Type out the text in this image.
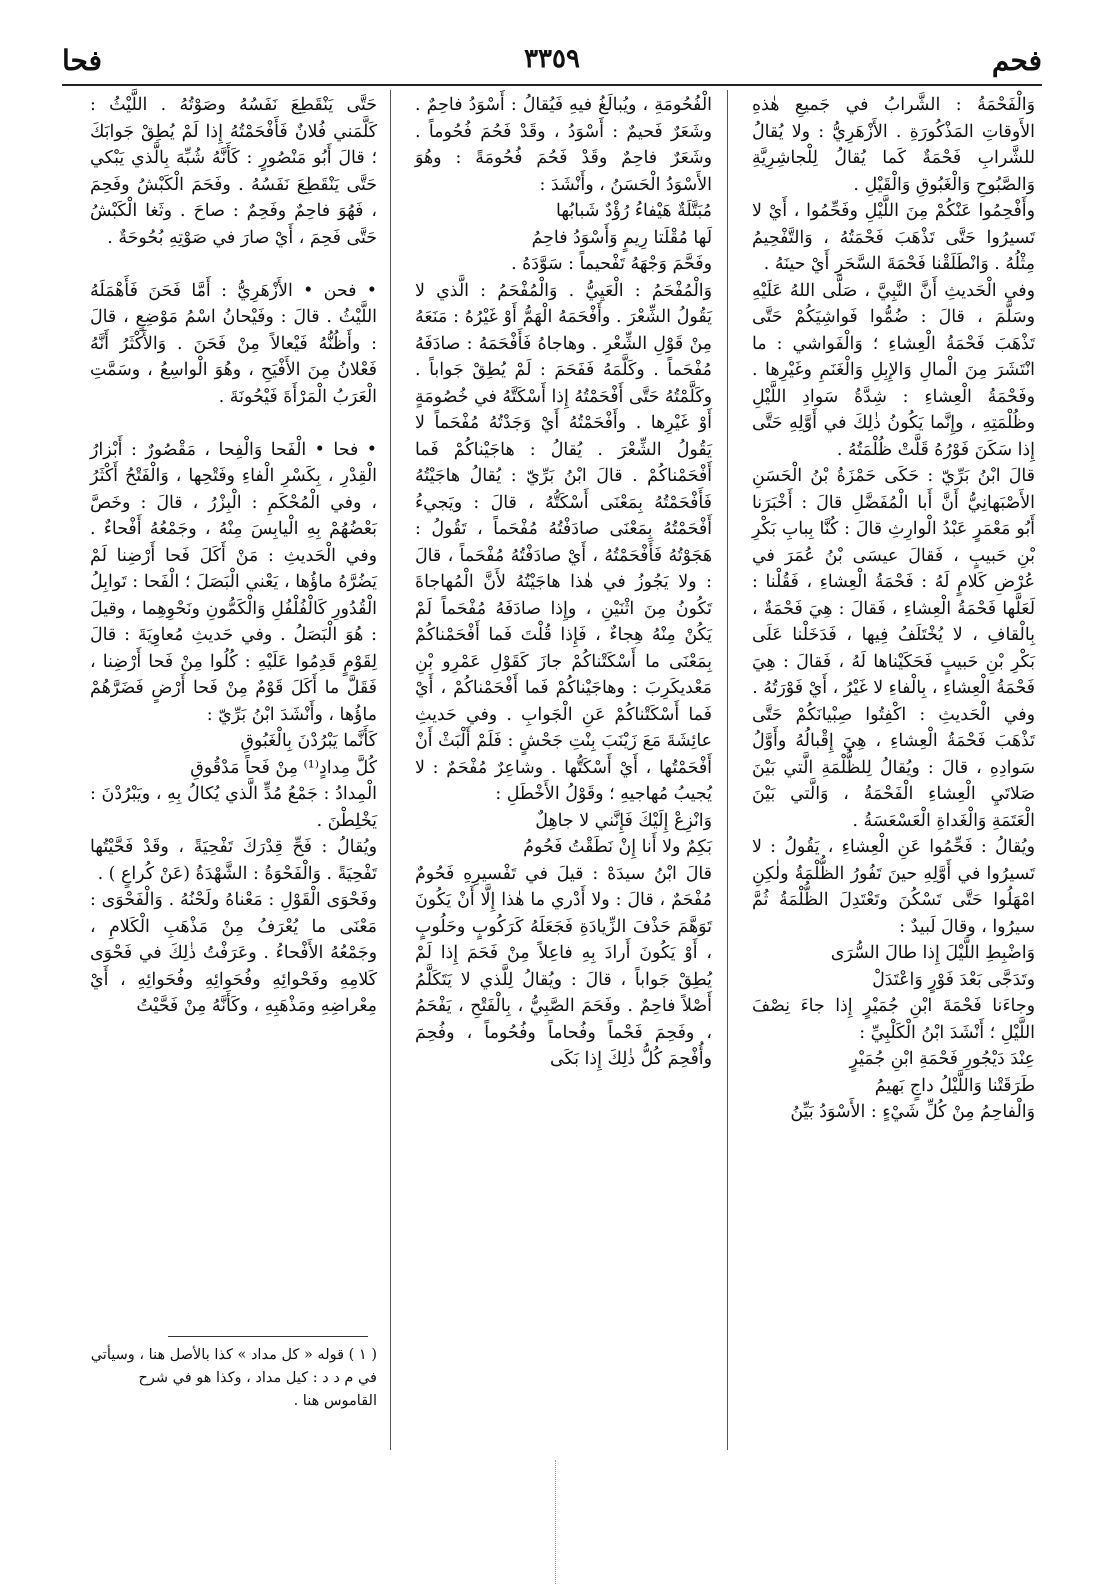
فحم
٣٣٥٩
فحا
وَالْفَحْمَةُ : الشَّرابُ في جَميعِ هٰذهِ الأَوقاتِ المَذْكُورَةِ . الأَزْهَرِيُّ : ولا يُقالُ للشَّرابِ فَحْمَةٌ كَما يُقالُ لِلْجاشِرِيَّةِ وَالصَّبُوحِ وَالْغَبُوقِ وَالْقَيْلِ .
وأَفْحِمُوا عَنْكُمْ مِنَ اللَّيْلِ وفَحِّمُوا ، أَيْ لا تَسيرُوا حَتَّى تَذْهَبَ فَحْمَتُهُ ، وَالتَّفْحِيمُ مِثْلُهُ . وَانْطَلَقْنا فَحْمَةَ السَّحَرِ أَيْ حينَهُ .
وفي الْحَديثِ أَنَّ النَّبِيَّ ، صَلَّى اللهُ عَلَيْهِ وسَلَّمَ ، قالَ : ضُمُّوا فَواشِيَكُمْ حَتَّى تَذْهَبَ فَحْمَةُ الْعِشاءِ ؛ وَالْفَواشي : ما انْتَشَرَ مِنَ الْمالِ وَالإِبِلِ وَالْغَنَمِ وغَيْرِها . وفَحْمَةُ الْعِشاءِ : شِدَّةُ سَوادِ اللَّيْلِ وظُلْمَتِهِ ، وإِنَّما يَكُونُ ذٰلِكَ في أَوَّلِهِ حَتَّى إِذا سَكَنَ فَوْرُهُ قَلَّتْ ظُلْمَتُهُ .
قالَ ابْنُ بَرِّيّ : حَكَى حَمْزَةُ بْنُ الْحَسَنِ الأَصْبَهانِيُّ أَنَّ أَبا الْمُفَضَّلِ قالَ : أَخْبَرَنا أَبُو مَعْمَرٍ عَبْدُ الْوارِثِ قالَ : كُنَّا بِبابِ بَكْرِ بْنِ حَبيبٍ ، فَقالَ عيسَى بْنُ عُمَرَ في عُرْضِ كَلامٍ لَهُ : فَحْمَةُ الْعِشاءِ ، فَقُلْنا : لَعَلَّها فَحْمَةُ الْعِشاءِ ، فَقالَ : هِيَ فَحْمَةٌ ، بِالْقافِ ، لا يُخْتَلَفُ فِيها ، فَدَخَلْنا عَلَى بَكْرِ بْنِ حَبيبٍ فَحَكَيْناها لَهُ ، فَقالَ : هِيَ فَحْمَةُ الْعِشاءِ ، بِالْفاءِ لا غَيْرُ ، أَيْ فَوْرَتُهُ .
وفي الْحَديثِ : اكْفِتُوا صِبْيانَكُمْ حَتَّى تَذْهَبَ فَحْمَةُ الْعِشاءِ ، هِيَ إِقْبالُهُ وأَوَّلُ سَوادِهِ ، قالَ : ويُقالُ لِلظُّلْمَةِ الَّتي بَيْنَ صَلاتَيِ الْعِشاءِ الْفَحْمَةُ ، وَالَّتي بَيْنَ الْعَتَمَةِ وَالْغَداةِ الْعَسْعَسَةُ .
ويُقالُ : فَحِّمُوا عَنِ الْعِشاءِ ، يَقُولُ : لا تَسيرُوا في أَوَّلِهِ حينَ تَفُورُ الظُّلْمَةُ ولٰكِنِ امْهَلُوا حَتَّى تَسْكُنَ وتَعْتَدِلَ الظُّلْمَةُ ثُمَّ سيرُوا ، وقالَ لَبيدٌ :
وَاضْبِطِ اللَّيْلَ إِذا طالَ السُّرَى
وتَدَجَّى بَعْدَ فَوْرٍ وَاعْتَدَلْ
وجاءَنا فَحْمَةَ ابْنِ جُمَيْرٍ إِذا جاءَ نِصْفَ اللَّيْلِ ؛ أَنْشَدَ ابْنُ الْكَلْبِيِّ :
عِنْدَ دَيْجُورِ فَحْمَةِ ابْنِ جُمَيْرٍ
طَرَقَتْنا وَاللَّيْلُ داجٍ بَهيمُ
وَالْفاحِمُ مِنْ كُلِّ شَيْءٍ : الأَسْوَدُ بَيِّنُ
الْفُحُومَةِ ، ويُبالَغُ فيهِ فَيُقالُ : أَسْوَدُ فاحِمٌ . وشَعَرٌ فَحيمٌ : أَسْوَدُ ، وقَدْ فَحُمَ فُحُوماً . وشَعَرٌ فاحِمٌ وقَدْ فَحُمَ فُحُومَةً : وهُوَ الأَسْوَدُ الْحَسَنُ ، وأَنْشَدَ :
مُبَتَّلَةٌ هَيْفاءُ رُؤْدٌ شَبابُها
لَها مُقْلَتا رِيمٍ وَأَسْوَدُ فاحِمُ
وفَحَّمَ وَجْهَهُ تَفْحيماً : سَوَّدَهُ .
وَالْمُفْحَمُ : الْعَيِيُّ . وَالْمُفْحَمُ : الَّذي لا يَقُولُ الشِّعْرَ . وأَفْحَمَهُ الْهَمُّ أَوْ غَيْرُهُ : مَنَعَهُ مِنْ قَوْلِ الشِّعْرِ . وهاجاهُ فَأَفْحَمَهُ : صادَفَهُ مُفْحَماً . وكَلَّمَهُ فَفَحَمَ : لَمْ يُطِقْ جَواباً . وكَلَّمْتُهُ حَتَّى أَفْحَمْتُهُ إِذا أَسْكَتَّهُ في خُصُومَةٍ أَوْ غَيْرِها . وأَفْحَمْتُهُ أَيْ وَجَدْتُهُ مُفْحَماً لا يَقُولُ الشِّعْرَ . يُقالُ : هاجَيْناكُمْ فَما أَفْحَمْناكُمْ . قالَ ابْنُ بَرِّيّ : يُقالُ هاجَيْتُهُ فَأَفْحَمْتُهُ بِمَعْنَى أَسْكَتُّهُ ، قالَ : ويَجيءُ أَفْحَمْتُهُ بِمَعْنَى صادَفْتُهُ مُفْحَماً ، تَقُولُ : هَجَوْتُهُ فَأَفْحَمْتُهُ ، أَيْ صادَفْتُهُ مُفْحَماً ، قالَ : ولا يَجُوزُ في هٰذا هاجَيْتُهُ لأَنَّ الْمُهاجاةَ تَكُونُ مِنَ اثْنَيْنِ ، وإِذا صادَفَهُ مُفْحَماً لَمْ يَكُنْ مِنْهُ هِجاءٌ ، فَإِذا قُلْتَ فَما أَفْحَمْناكُمْ بِمَعْنَى ما أَسْكَتْناكُمْ جازَ كَقَوْلِ عَمْرِو بْنِ مَعْديكَرِبَ : وهاجَيْناكُمْ فَما أَفْحَمْناكُمْ ، أَيْ فَما أَسْكَتْناكُمْ عَنِ الْجَوابِ . وفي حَديثِ عائِشَةَ مَعَ زَيْنَبَ بِنْتِ جَحْشٍ : فَلَمْ أَلْبَثْ أَنْ أَفْحَمْتُها ، أَيْ أَسْكَتُّها . وشاعِرٌ مُفْحَمٌ : لا يُجيبُ مُهاجيهِ ؛ وقَوْلُ الأَخْطَلِ :
وَانْزِعْ إِلَيْكَ فَإِنَّني لا جاهِلٌ
بَكِمٌ ولا أَنا إِنْ نَطَقْتُ فَحُومُ
قالَ ابْنُ سيدَهْ : قيلَ في تَفْسيرِهِ فَحُومٌ مُفْحَمٌ ، قالَ : ولا أَدْري ما هٰذا إِلَّا أَنْ يَكُونَ تَوَهَّمَ حَذْفَ الزِّيادَةِ فَجَعَلَهُ كَرَكُوبٍ وحَلُوبٍ ، أَوْ يَكُونَ أَرادَ بِهِ فاعِلاً مِنْ فَحَمَ إِذا لَمْ يُطِقْ جَواباً ، قالَ : ويُقالُ لِلَّذي لا يَتَكَلَّمُ أَصْلاً فاحِمٌ . وفَحَمَ الصَّبِيُّ ، بِالْفَتْحِ ، يَفْحَمُ ، وفَحِمَ فَحْماً وفُحاماً وفُحُوماً ، وفُحِمَ وأُفْحِمَ كُلُّ ذٰلِكَ إِذا بَكَى
حَتَّى يَنْقَطِعَ نَفَسُهُ وصَوْتُهُ . اللَّيْثُ : كَلَّمَني فُلانٌ فَأَفْحَمْتُهُ إِذا لَمْ يُطِقْ جَوابَكَ ؛ قالَ أَبُو مَنْصُورٍ : كَأَنَّهُ شُبِّهَ بِالَّذي يَبْكي حَتَّى يَنْقَطِعَ نَفَسُهُ . وفَحَمَ الْكَبْشُ وفَحِمَ ، فَهُوَ فاحِمٌ وفَحِمٌ : صاحَ . وثَغا الْكَبْشُ حَتَّى فَحِمَ ، أَيْ صارَ في صَوْتِهِ بُحُوحَةٌ .

• فحن • الأَزْهَرِيُّ : أَمَّا فَحَنَ فَأَهْمَلَهُ اللَّيْثُ . قالَ : وفَيْحانُ اسْمُ مَوْضِعٍ ، قالَ : وأَظُنُّهُ فَيْعالاً مِنْ فَحَنَ . وَالأَكْثَرُ أَنَّهُ فَعْلانُ مِنَ الأَفْيَحِ ، وهُوَ الْواسِعُ ، وسَمَّتِ الْعَرَبُ الْمَرْأَةَ فَيْحُونَةَ .

• فحا • الْفَحا وَالْفِحا ، مَقْصُورٌ : أَبْزارُ الْقِدْرِ ، بِكَسْرِ الْفاءِ وفَتْحِها ، وَالْفَتْحُ أَكْثَرُ ، وفي الْمُحْكَمِ : الْبِزْرُ ، قالَ : وخَصَّ بَعْضُهُمْ بِهِ الْيابِسَ مِنْهُ ، وجَمْعُهُ أَفْحاءٌ . وفي الْحَديثِ : مَنْ أَكَلَ فَحا أَرْضِنا لَمْ يَضُرَّهُ ماؤُها ، يَعْني الْبَصَلَ ؛ الْفَحا : تَوابِلُ الْقُدُورِ كَالْفُلْفُلِ وَالْكَمُّونِ ونَحْوِهِما ، وقيلَ : هُوَ الْبَصَلُ . وفي حَديثِ مُعاوِيَةَ : قالَ لِقَوْمٍ قَدِمُوا عَلَيْهِ : كُلُوا مِنْ فَحا أَرْضِنا ، فَقَلَّ ما أَكَلَ قَوْمٌ مِنْ فَحا أَرْضٍ فَضَرَّهُمْ ماؤُها ، وأَنْشَدَ ابْنُ بَرِّيّ :
كَأَنَّما يَبْرُدْنَ بِالْغَبُوقِ
كُلَّ مِدادٍ⁽¹⁾ مِنْ فَحاً مَدْقُوقِ
الْمِدادُ : جَمْعُ مُدٍّ الَّذي يُكالُ بِهِ ، ويَبْرُدْنَ : يَخْلِطْنَ .
ويُقالُ : فَحِّ قِدْرَكَ تَفْحِيَةً ، وقَدْ فَحَّيْتُها تَفْحِيَةً . وَالْفَحْوَةُ : الشَّهْدَةُ (عَنْ كُراعٍ ) .
وفَحْوَى الْقَوْلِ : مَعْناهُ ولَحْنُهُ . وَالْفَحْوَى : مَعْنَى ما يُعْرَفُ مِنْ مَذْهَبِ الْكَلامِ ، وجَمْعُهُ الأَفْحاءُ . وعَرَفْتُ ذٰلِكَ في فَحْوَى كَلامِهِ وفَحْوائِهِ وفُحَوائِهِ وفُحَوائِهِ ، أَيْ مِعْراضِهِ ومَذْهَبِهِ ، وكَأَنَّهُ مِنْ فَحَّيْتُ
( ١ ) قوله « كل مداد » كذا بالأصل هنا ، وسيأتي في م د د : كيل مداد ، وكذا هو في شرح القاموس هنا .
